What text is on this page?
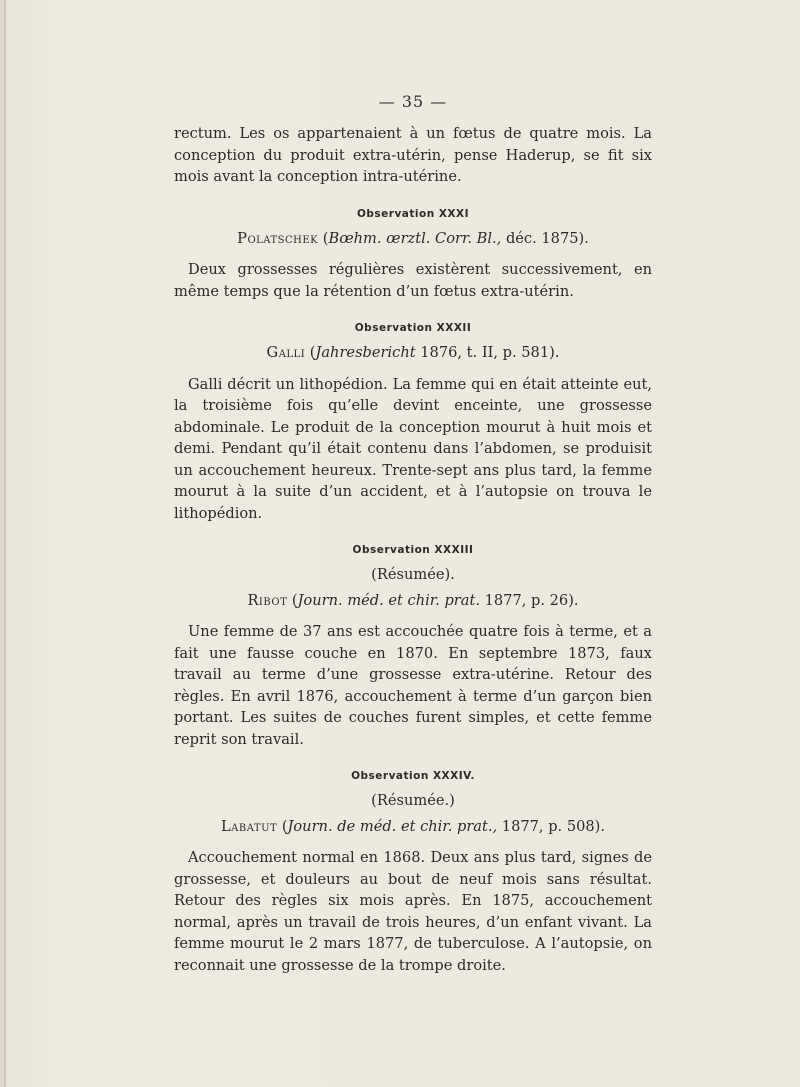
— 35 —

rectum. Les os appartenaient à un fœtus de quatre mois. La conception du produit extra-utérin, pense Haderup, se fit six mois avant la conception intra-utérine.

Observation XXXI
Polatschek (Bœhm. œrztl. Corr. Bl., déc. 1875).

Deux grossesses régulières existèrent successivement, en même temps que la rétention d’un fœtus extra-utérin.

Observation XXXII
Galli (Jahresbericht 1876, t. II, p. 581).

Galli décrit un lithopédion. La femme qui en était atteinte eut, la troisième fois qu’elle devint enceinte, une grossesse abdominale. Le produit de la conception mourut à huit mois et demi. Pendant qu’il était contenu dans l’abdomen, se produisit un accouchement heureux. Trente-sept ans plus tard, la femme mourut à la suite d’un accident, et à l’autopsie on trouva le lithopédion.

Observation XXXIII
(Résumée).
Ribot (Journ. méd. et chir. prat. 1877, p. 26).

Une femme de 37 ans est accouchée quatre fois à terme, et a fait une fausse couche en 1870. En septembre 1873, faux travail au terme d’une grossesse extra-utérine. Retour des règles. En avril 1876, accouchement à terme d’un garçon bien portant. Les suites de couches furent simples, et cette femme reprit son travail.

Observation XXXIV.
(Résumée.)
Labatut (Journ. de méd. et chir. prat., 1877, p. 508).

Accouchement normal en 1868. Deux ans plus tard, signes de grossesse, et douleurs au bout de neuf mois sans résultat. Retour des règles six mois après. En 1875, accouchement normal, après un travail de trois heures, d’un enfant vivant. La femme mourut le 2 mars 1877, de tuberculose. A l’autopsie, on reconnait une grossesse de la trompe droite.
